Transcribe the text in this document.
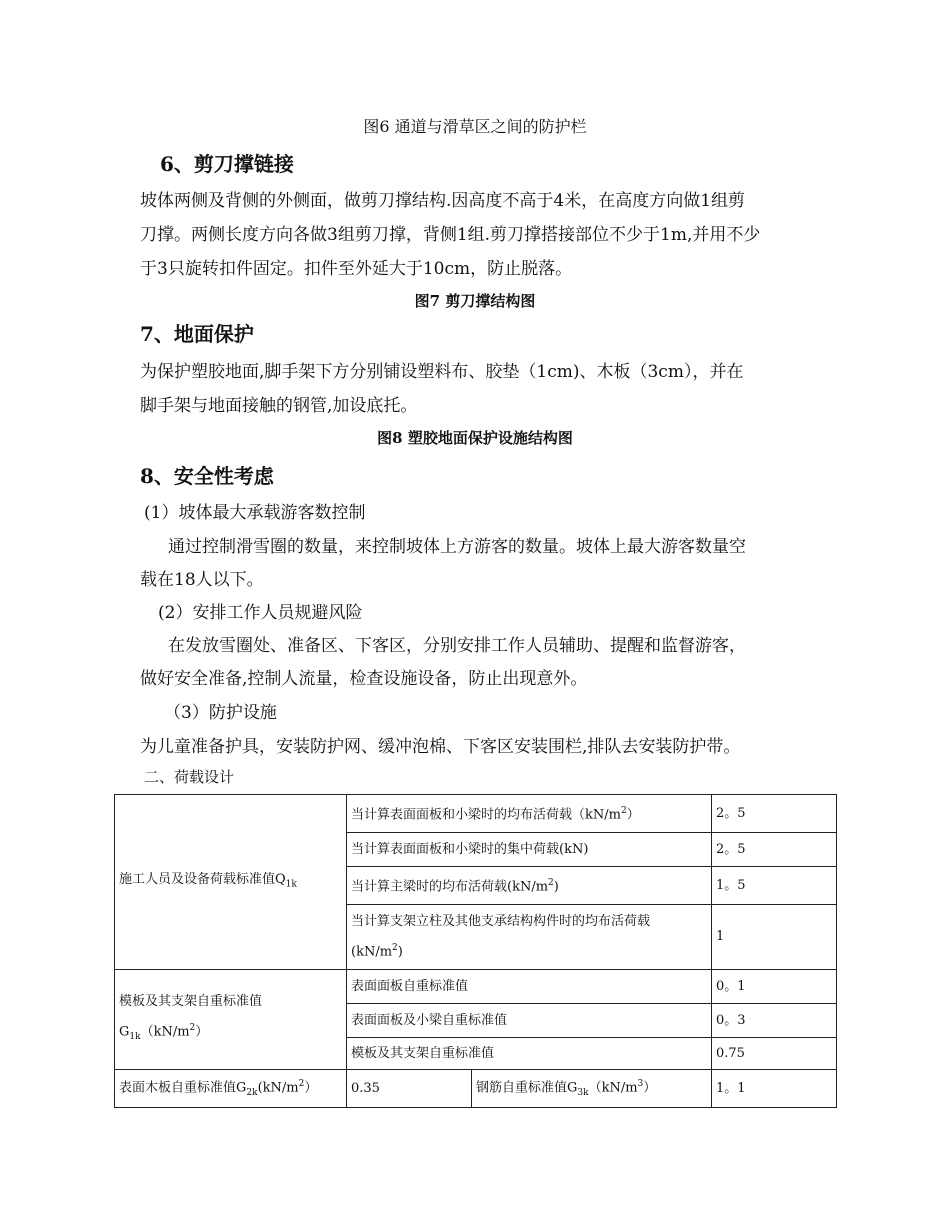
图6 通道与滑草区之间的防护栏
6、剪刀撑链接
坡体两侧及背侧的外侧面，做剪刀撑结构.因高度不高于4米，在高度方向做1组剪
刀撑。两侧长度方向各做3组剪刀撑，背侧1组.剪刀撑搭接部位不少于1m,并用不少
于3只旋转扣件固定。扣件至外延大于10cm，防止脱落。
图7 剪刀撑结构图
7、地面保护
为保护塑胶地面,脚手架下方分别铺设塑料布、胶垫（1cm)、木板（3cm），并在
脚手架与地面接触的钢管,加设底托。
图8 塑胶地面保护设施结构图
8、安全性考虑
(1）坡体最大承载游客数控制
通过控制滑雪圈的数量，来控制坡体上方游客的数量。坡体上最大游客数量空
载在18人以下。
(2）安排工作人员规避风险
在发放雪圈处、准备区、下客区，分别安排工作人员辅助、提醒和监督游客，
做好安全准备,控制人流量，检查设施设备，防止出现意外。
（3）防护设施
为儿童准备护具，安装防护网、缓冲泡棉、下客区安装围栏,排队去安装防护带。
二、荷载设计
施工人员及设备荷载标准值$Q_{1k}$	当计算表面面板和小梁时的均布活荷载$(kN/m^2)$		2。5
	当计算表面面板和小梁时的集中荷载(kN)		2。5
	当计算主梁时的均布活荷载$(kN/m^2)$		1。5
	当计算支架立柱及其他支承结构构件时的均布活荷载
$(kN/m^2)$		1
模板及其支架自重标准值
$G_{1k}(kN/m^2)$	表面面板自重标准值		0。1
	表面面板及小梁自重标准值		0。3
	模板及其支架自重标准值		0.75
表面木板自重标准值$G_{2k}(kN/m^2)$	0.35	钢筋自重标准值$G_{3k}(kN/m^3)$	1。1
